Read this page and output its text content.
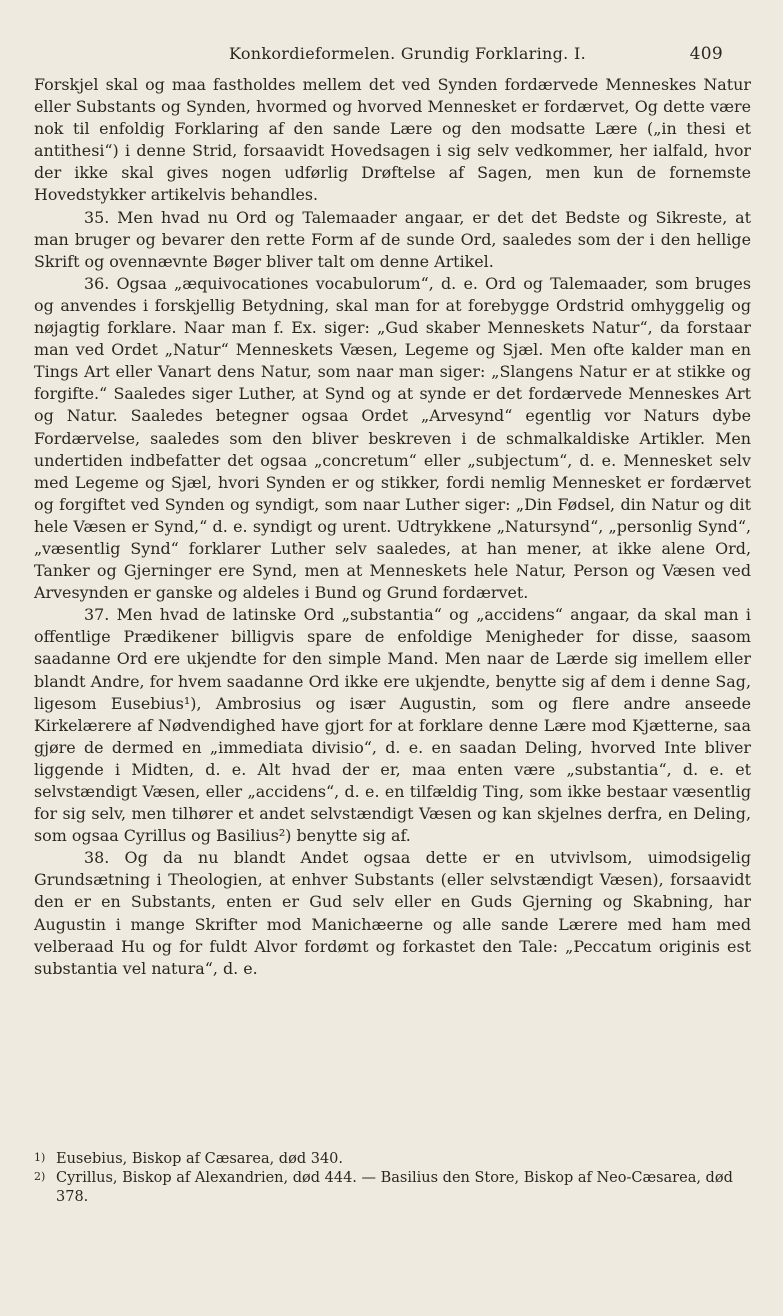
Konkordieformelen. Grundig Forklaring. I.	409

Forskjel skal og maa fastholdes mellem det ved Synden fordærvede Menneskes Natur eller Substants og Synden, hvormed og hvorved Mennesket er fordærvet, Og dette være nok til enfoldig Forklaring af den sande Lære og den modsatte Lære („in thesi et antithesi“) i denne Strid, forsaavidt Hovedsagen i sig selv vedkommer, her ialfald, hvor der ikke skal gives nogen udførlig Drøftelse af Sagen, men kun de fornemste Hovedstykker artikelvis behandles.

35. Men hvad nu Ord og Talemaader angaar, er det det Bedste og Sikreste, at man bruger og bevarer den rette Form af de sunde Ord, saaledes som der i den hellige Skrift og ovennævnte Bøger bliver talt om denne Artikel.

36. Ogsaa „æquivocationes vocabulorum“, d. e. Ord og Talemaader, som bruges og anvendes i forskjellig Betydning, skal man for at forebygge Ordstrid omhyggelig og nøjagtig forklare. Naar man f. Ex. siger: „Gud skaber Menneskets Natur“, da forstaar man ved Ordet „Natur“ Menneskets Væsen, Legeme og Sjæl. Men ofte kalder man en Tings Art eller Vanart dens Natur, som naar man siger: „Slangens Natur er at stikke og forgifte.“ Saaledes siger Luther, at Synd og at synde er det fordærvede Menneskes Art og Natur. Saaledes betegner ogsaa Ordet „Arvesynd“ egentlig vor Naturs dybe Fordærvelse, saaledes som den bliver beskreven i de schmalkaldiske Artikler. Men undertiden indbefatter det ogsaa „concretum“ eller „subjectum“, d. e. Mennesket selv med Legeme og Sjæl, hvori Synden er og stikker, fordi nemlig Mennesket er fordærvet og forgiftet ved Synden og syndigt, som naar Luther siger: „Din Fødsel, din Natur og dit hele Væsen er Synd,“ d. e. syndigt og urent. Udtrykkene „Natursynd“, „personlig Synd“, „væsentlig Synd“ forklarer Luther selv saaledes, at han mener, at ikke alene Ord, Tanker og Gjerninger ere Synd, men at Menneskets hele Natur, Person og Væsen ved Arvesynden er ganske og aldeles i Bund og Grund fordærvet.

37. Men hvad de latinske Ord „substantia“ og „accidens“ angaar, da skal man i offentlige Prædikener billigvis spare de enfoldige Menigheder for disse, saasom saadanne Ord ere ukjendte for den simple Mand. Men naar de Lærde sig imellem eller blandt Andre, for hvem saadanne Ord ikke ere ukjendte, benytte sig af dem i denne Sag, ligesom Eusebius¹), Ambrosius og især Augustin, som og flere andre anseede Kirkelærere af Nødvendighed have gjort for at forklare denne Lære mod Kjætterne, saa gjøre de dermed en „immediata divisio“, d. e. en saadan Deling, hvorved Inte bliver liggende i Midten, d. e. Alt hvad der er, maa enten være „substantia“, d. e. et selvstændigt Væsen, eller „accidens“, d. e. en tilfældig Ting, som ikke bestaar væsentlig for sig selv, men tilhører et andet selvstændigt Væsen og kan skjelnes derfra, en Deling, som ogsaa Cyrillus og Basilius²) benytte sig af.

38. Og da nu blandt Andet ogsaa dette er en utvivlsom, uimodsigelig Grundsætning i Theologien, at enhver Substants (eller selvstændigt Væsen), forsaavidt den er en Substants, enten er Gud selv eller en Guds Gjerning og Skabning, har Augustin i mange Skrifter mod Manichæerne og alle sande Lærere med ham med velberaad Hu og for fuldt Alvor fordømt og forkastet den Tale: „Peccatum originis est substantia vel natura“, d. e.

1) Eusebius, Biskop af Cæsarea, død 340.
2) Cyrillus, Biskop af Alexandrien, død 444. — Basilius den Store, Biskop af Neo-Cæsarea, død 378.
